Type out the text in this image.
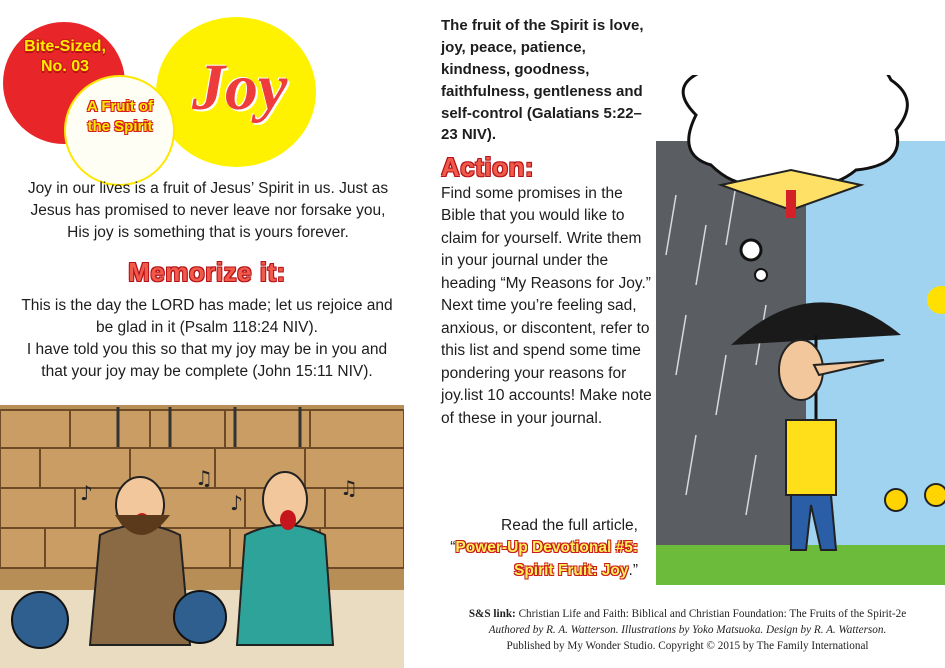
Bite-Sized,
No. 03
A Fruit of
the Spirit
Joy
Joy in our lives is a fruit of Jesus’ Spirit in us. Just as Jesus has promised to never leave nor forsake you, His joy is something that is yours forever.
Memorize it:
This is the day the LORD has made; let us rejoice and be glad in it (Psalm 118:24 NIV).
I have told you this so that my joy may be in you and that your joy may be complete (John 15:11 NIV).
♪
♫
♪
♫
The fruit of the Spirit is love, joy, peace, patience, kindness, goodness, faithfulness, gentleness and self-control (Galatians 5:22–23 NIV).
Action:
Find some promises in the Bible that you would like to claim for yourself. Write them in your journal under the heading “My Reasons for Joy.” Next time you’re feeling sad, anxious, or discontent, refer to this list and spend some time pondering your reasons for joy.list 10 accounts! Make note of these in your journal.
Read the full article,
“Power-Up Devotional #5: Spirit Fruit: Joy.”
S&S link: Christian Life and Faith: Biblical and Christian Foundation: The Fruits of the Spirit-2e
Authored by R. A. Watterson. Illustrations by Yoko Matsuoka. Design by R. A. Watterson.
Published by My Wonder Studio. Copyright © 2015 by The Family International
